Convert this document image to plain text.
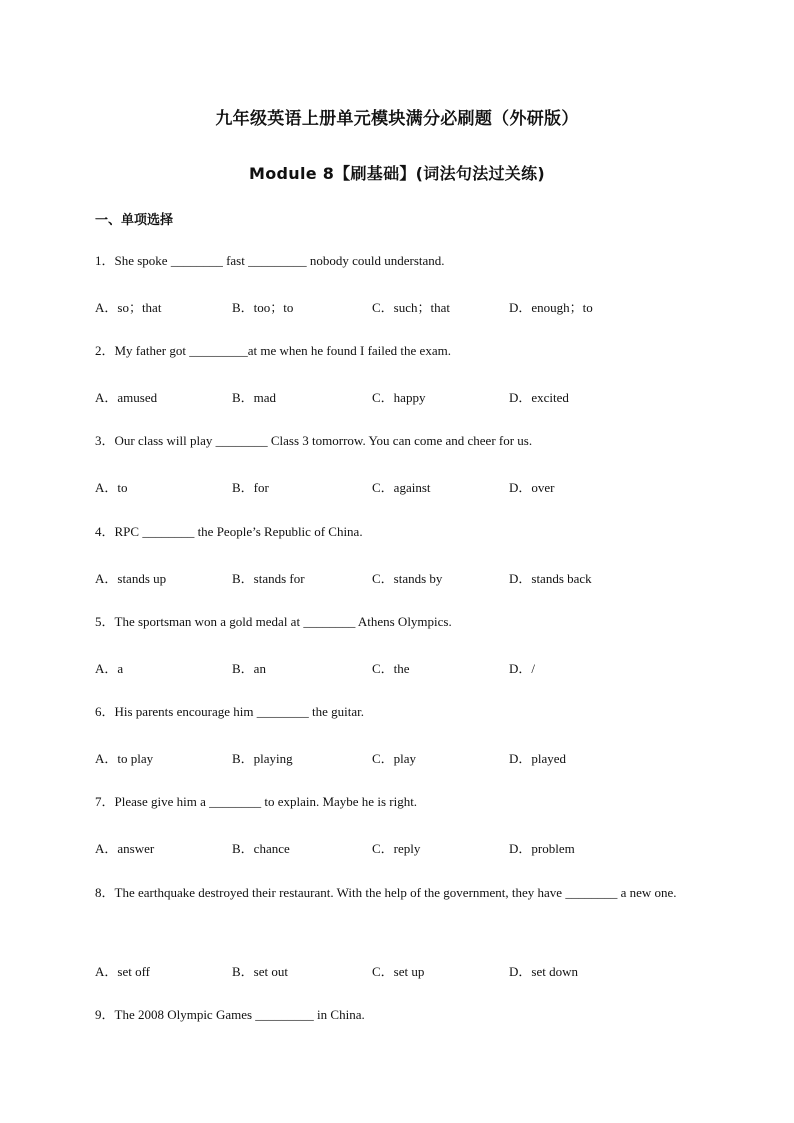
九年级英语上册单元模块满分必刷题（外研版）
Module 8【刷基础】(词法句法过关练)
一、单项选择
1．She spoke ________ fast _________ nobody could understand.
A．so；that	B．too；to	C．such；that	D．enough；to
2．My father got _________at me when he found I failed the exam.
A．amused	B．mad	C．happy	D．excited
3．Our class will play ________ Class 3 tomorrow. You can come and cheer for us.
A．to	B．for	C．against	D．over
4．RPC ________ the People’s Republic of China.
A．stands up	B．stands for	C．stands by	D．stands back
5．The sportsman won a gold medal at ________ Athens Olympics.
A．a	B．an	C．the	D．/
6．His parents encourage him ________ the guitar.
A．to play	B．playing	C．play	D．played
7．Please give him a ________ to explain. Maybe he is right.
A．answer	B．chance	C．reply	D．problem
8．The earthquake destroyed their restaurant. With the help of the government, they have ________ a new one.
A．set off	B．set out	C．set up	D．set down
9．The 2008 Olympic Games _________ in China.
